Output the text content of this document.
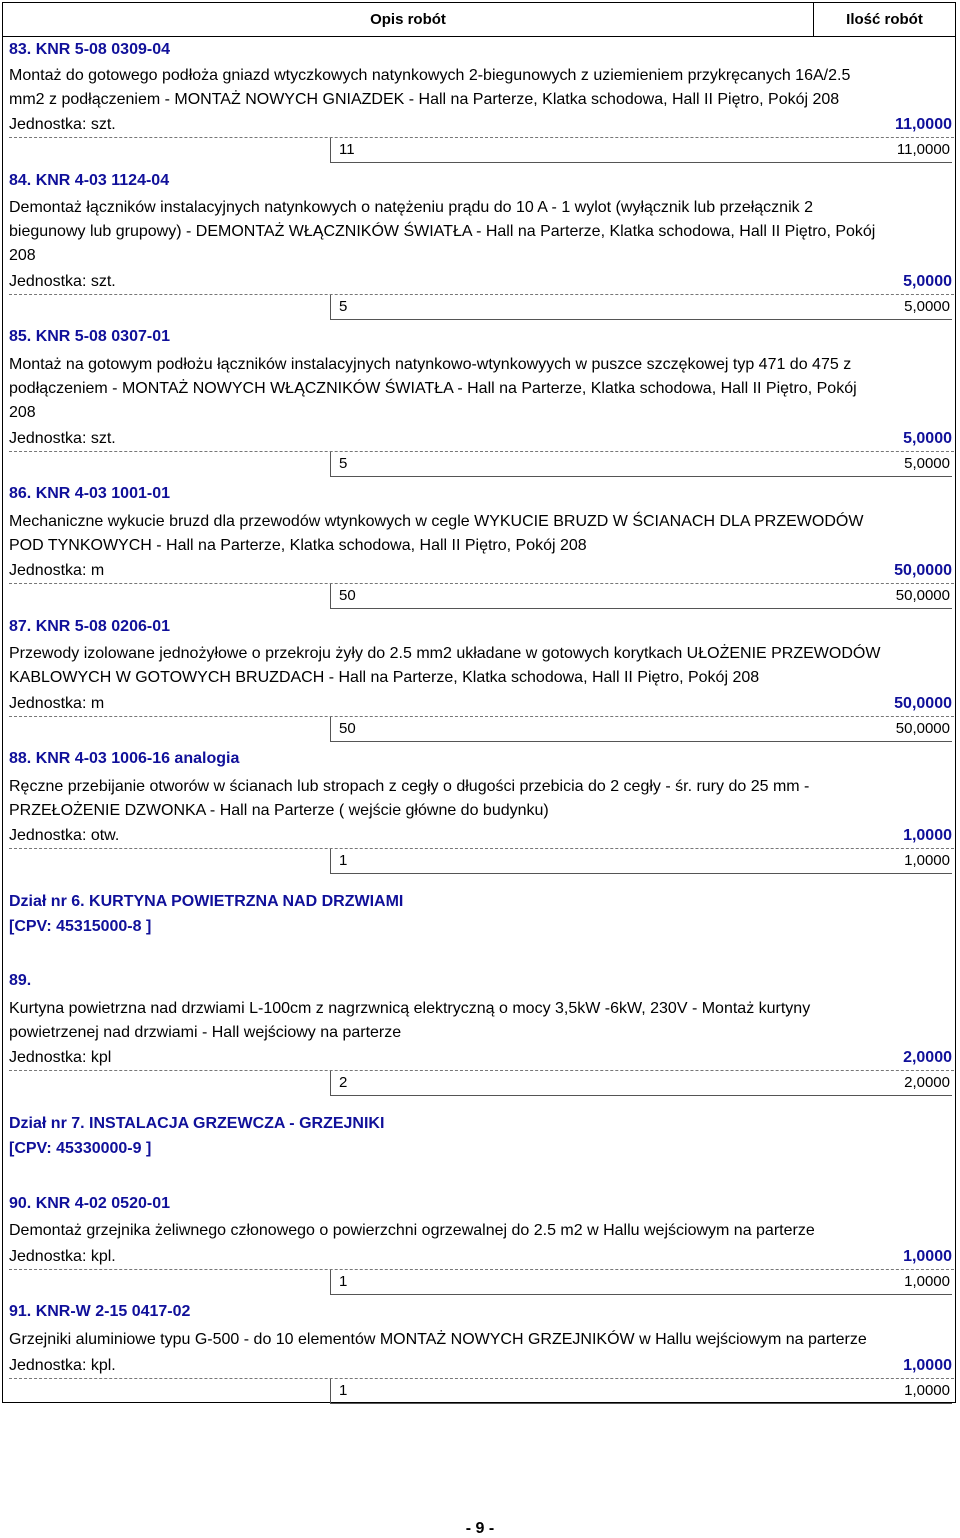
Opis robót	Ilość robót
83. KNR 5-08 0309-04
Montaż do gotowego podłoża gniazd wtyczkowych natynkowych 2-biegunowych z uziemieniem przykręcanych 16A/2.5
mm2 z podłączeniem - MONTAŻ NOWYCH GNIAZDEK - Hall na Parterze, Klatka schodowa, Hall II Piętro, Pokój 208
Jednostka: szt.	11,0000
11	11,0000
84. KNR 4-03 1124-04
Demontaż łączników instalacyjnych natynkowych o natężeniu prądu do 10 A - 1 wylot (wyłącznik lub przełącznik 2
biegunowy lub grupowy) - DEMONTAŻ WŁĄCZNIKÓW ŚWIATŁA - Hall na Parterze, Klatka schodowa, Hall II Piętro, Pokój
208
Jednostka: szt.	5,0000
5	5,0000
85. KNR 5-08 0307-01
Montaż na gotowym podłożu łączników instalacyjnych natynkowo-wtynkowyych w puszce szczękowej typ 471 do 475 z
podłączeniem - MONTAŻ NOWYCH WŁĄCZNIKÓW ŚWIATŁA - Hall na Parterze, Klatka schodowa, Hall II Piętro, Pokój
208
Jednostka: szt.	5,0000
5	5,0000
86. KNR 4-03 1001-01
Mechaniczne wykucie bruzd dla przewodów wtynkowych w cegle WYKUCIE BRUZD W ŚCIANACH DLA PRZEWODÓW
POD TYNKOWYCH - Hall na Parterze, Klatka schodowa, Hall II Piętro, Pokój 208
Jednostka: m	50,0000
50	50,0000
87. KNR 5-08 0206-01
Przewody izolowane jednożyłowe o przekroju żyły do 2.5 mm2 układane w gotowych korytkach UŁOŻENIE PRZEWODÓW
KABLOWYCH W GOTOWYCH BRUZDACH - Hall na Parterze, Klatka schodowa, Hall II Piętro, Pokój 208
Jednostka: m	50,0000
50	50,0000
88. KNR 4-03 1006-16 analogia
Ręczne przebijanie otworów w ścianach lub stropach z cegły o długości przebicia do 2 cegły - śr. rury do 25 mm -
PRZEŁOŻENIE DZWONKA - Hall na Parterze ( wejście główne do budynku)
Jednostka: otw.	1,0000
1	1,0000
89.
Kurtyna powietrzna nad drzwiami L-100cm z nagrzwnicą elektryczną o mocy 3,5kW -6kW, 230V - Montaż kurtyny
powietrzenej nad drzwiami - Hall wejściowy na parterze
Jednostka: kpl	2,0000
2	2,0000
90. KNR 4-02 0520-01
Demontaż grzejnika żeliwnego członowego o powierzchni ogrzewalnej do 2.5 m2 w Hallu wejściowym na parterze
Jednostka: kpl.	1,0000
1	1,0000
91. KNR-W 2-15 0417-02
Grzejniki aluminiowe typu G-500 - do 10 elementów MONTAŻ NOWYCH GRZEJNIKÓW w Hallu wejściowym na parterze
Jednostka: kpl.	1,0000
1	1,0000
Dział nr 6. KURTYNA POWIETRZNA NAD DRZWIAMI
[CPV: 45315000-8 ]
Dział nr 7. INSTALACJA GRZEWCZA - GRZEJNIKI
[CPV: 45330000-9 ]
- 9 -
